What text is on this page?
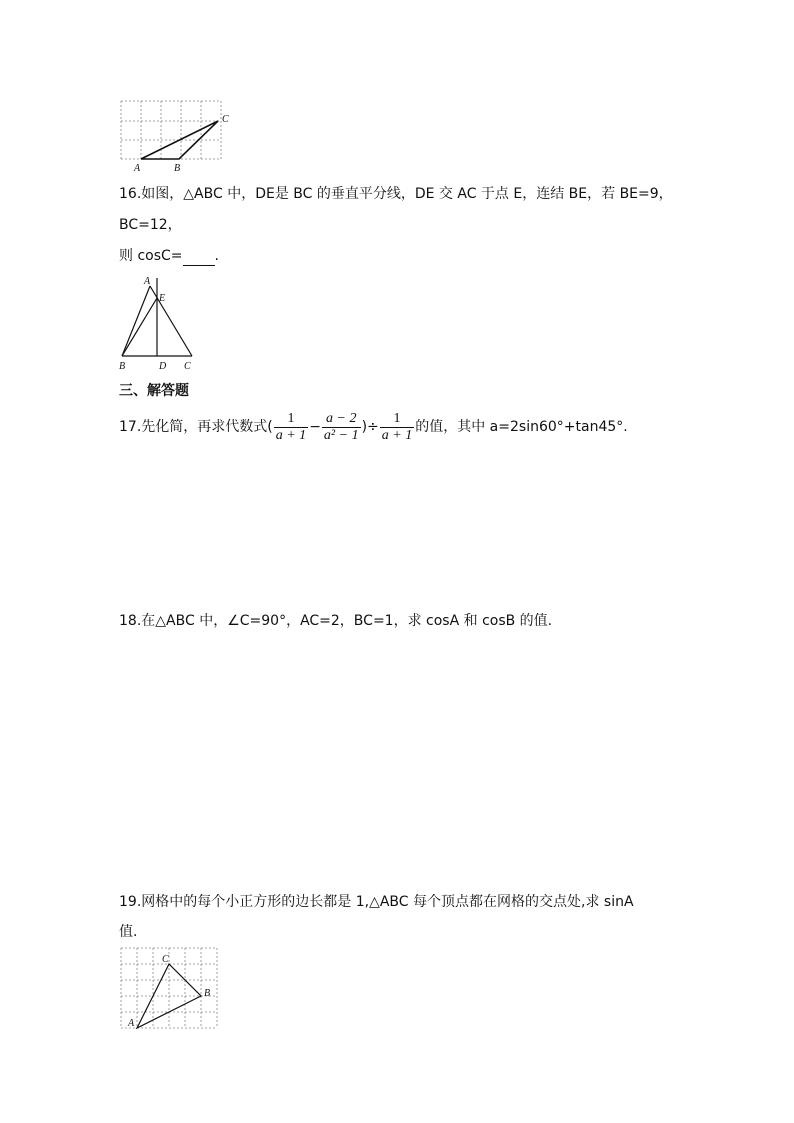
A	B
C
16.如图，△ABC 中，DE是 BC 的垂直平分线，DE 交 AC 于点 E，连结 BE，若 BE=9，
BC=12，
则 cosC= .
A
E
B	D C
三、解答题
17.先化简，再求代数式( $\frac{1}{a + 1} - \frac{a - 2}{\text{a² − 1}}$ )÷ $\frac{1}{a + 1}$ 的值，其中 a=2sin60°+tan45°.
18.在△ABC 中，∠C=90°，AC=2，BC=1，求 cosA 和 cosB 的值.
19.网格中的每个小正方形的边长都是 1,△ABC 每个顶点都在网格的交点处,求 sinA
值.
C
B
A
